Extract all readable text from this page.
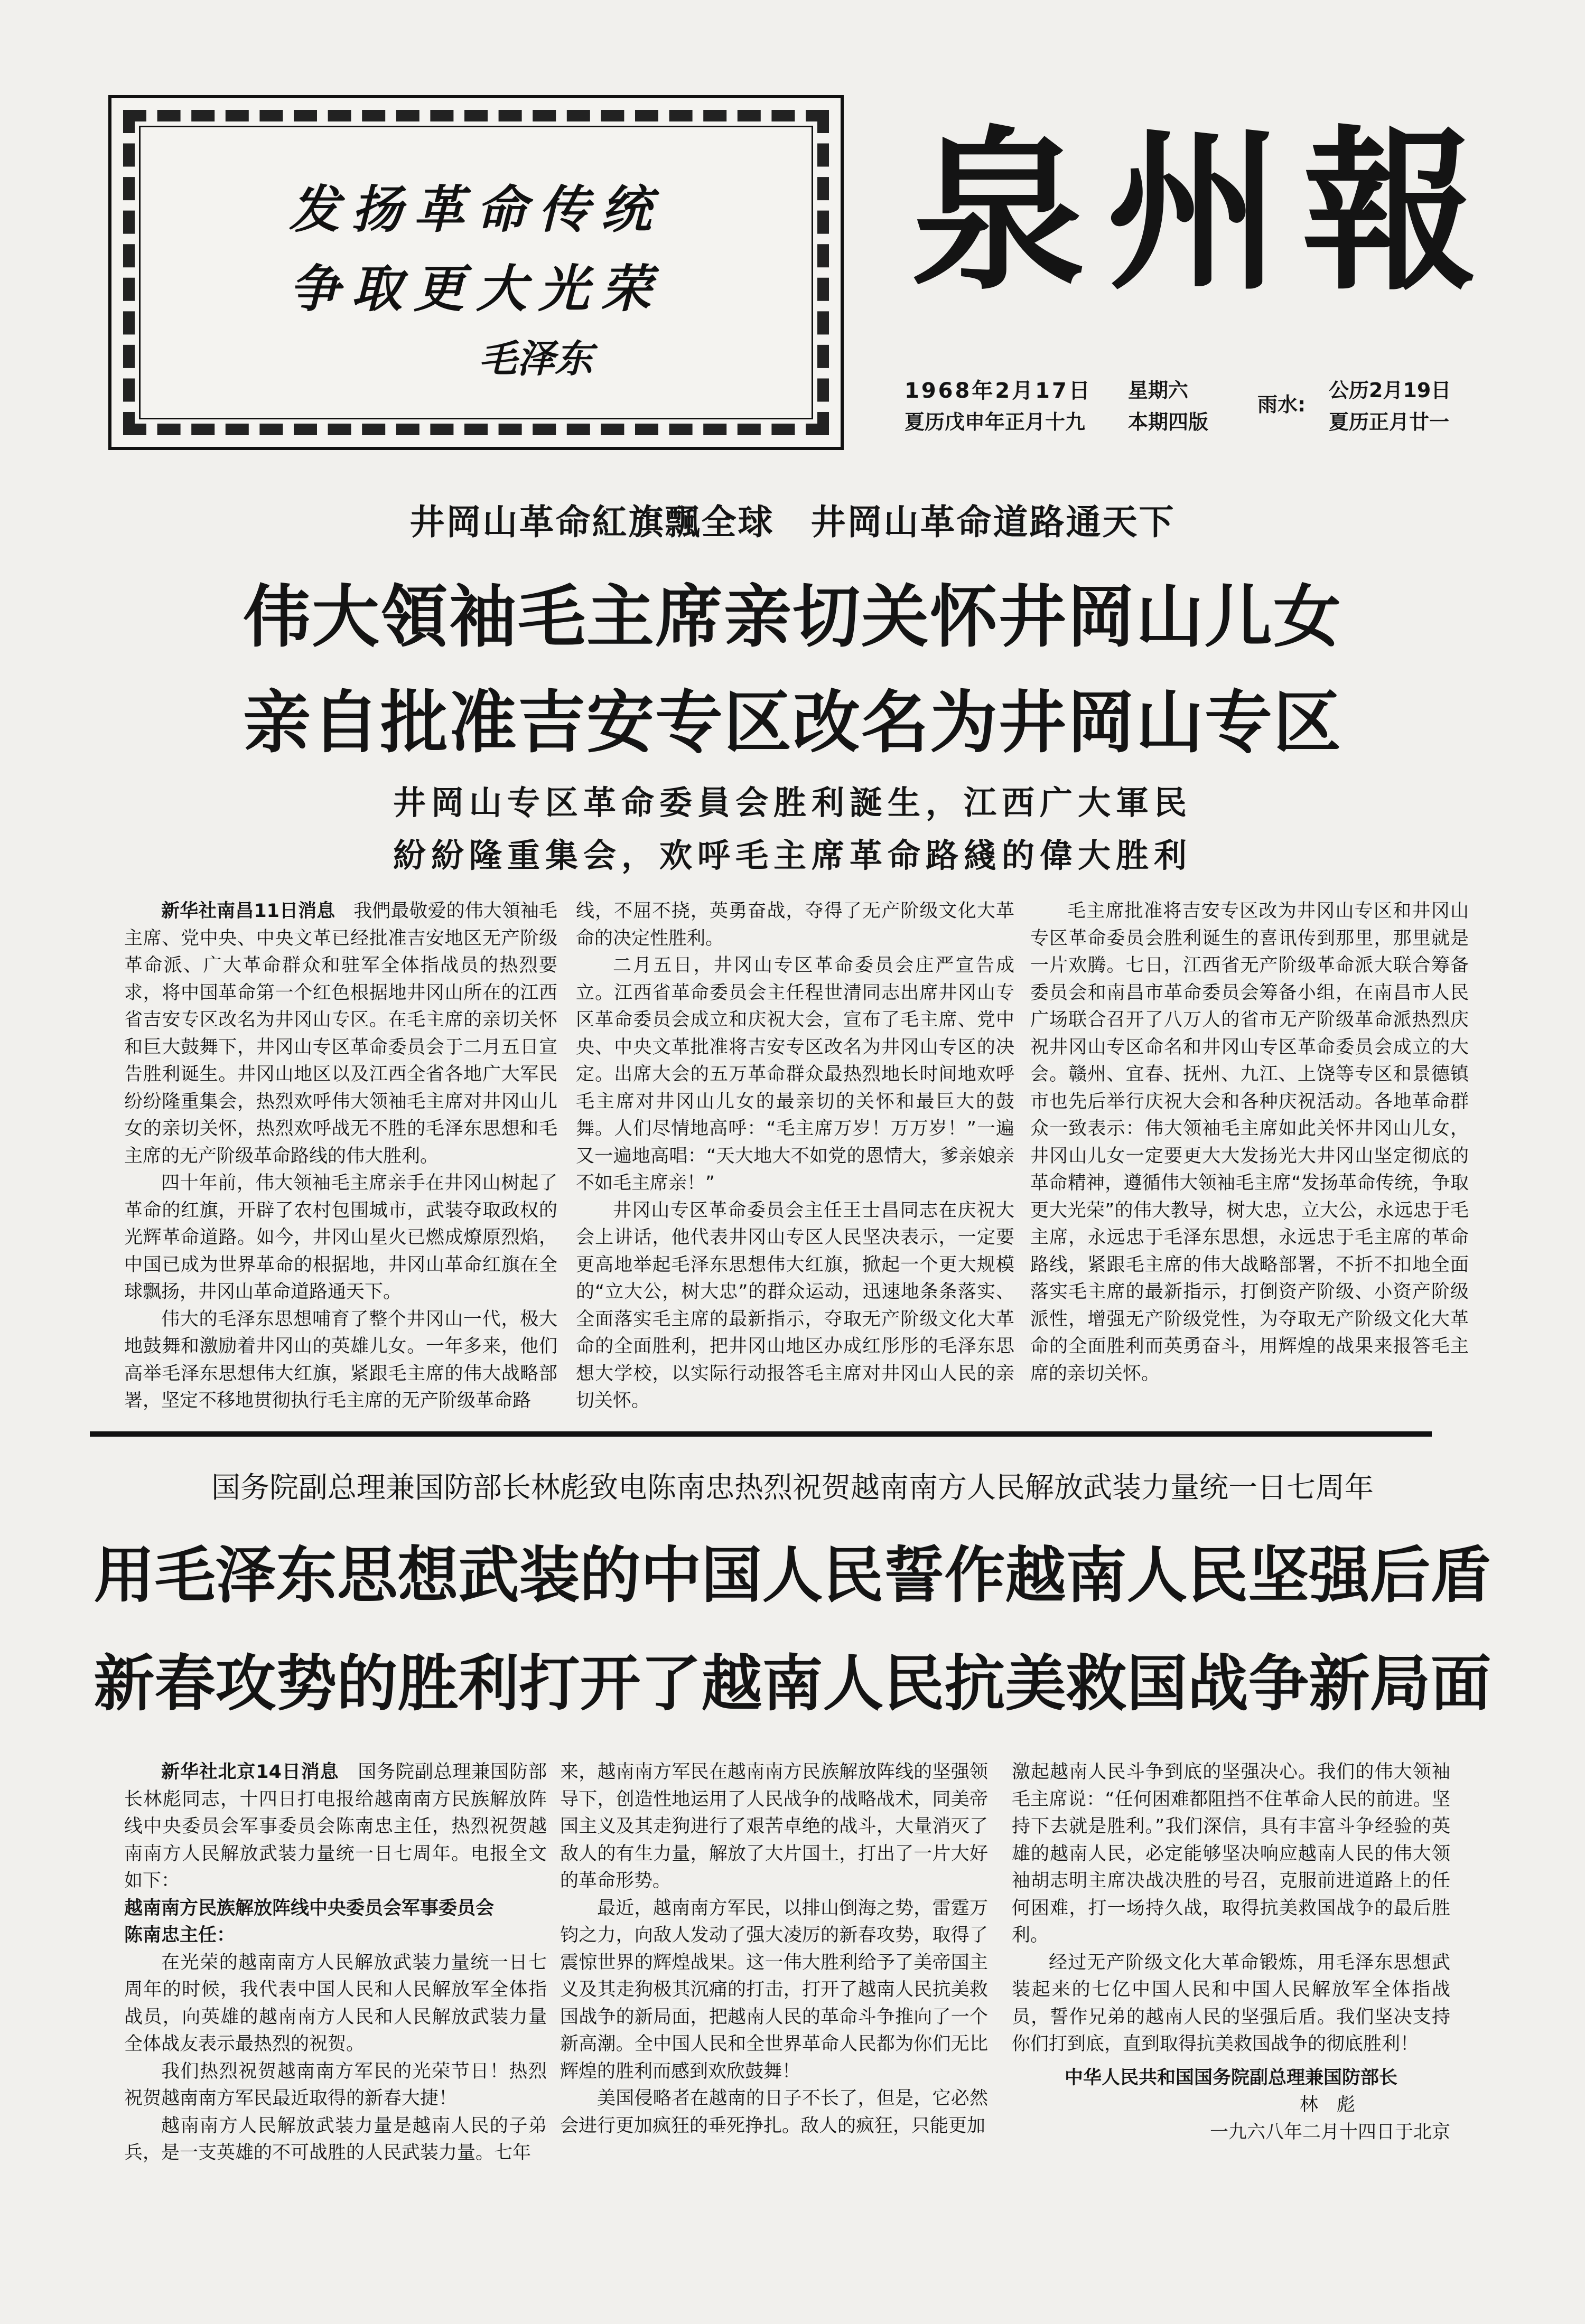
发扬革命传统
争取更大光荣
毛泽东
泉州報
1968年2月17日 星期六
夏历戊申年正月十九 本期四版
雨水:
公历2月19日
夏历正月廿一
井岡山革命紅旗飄全球　井岡山革命道路通天下
伟大領袖毛主席亲切关怀井岡山儿女
亲自批准吉安专区改名为井岡山专区
井岡山专区革命委員会胜利誕生，江西广大軍民
紛紛隆重集会，欢呼毛主席革命路綫的偉大胜利

新华社南昌11日消息　 我們最敬爱的伟大領袖毛主席、党中央、中央文革已经批准吉安地区无产阶级革命派、广大革命群众和驻军全体指战员的热烈要求，将中国革命第一个红色根据地井冈山所在的江西省吉安专区改名为井冈山专区。在毛主席的亲切关怀和巨大鼓舞下，井冈山专区革命委员会于二月五日宣告胜利诞生。井冈山地区以及江西全省各地广大军民纷纷隆重集会，热烈欢呼伟大领袖毛主席对井冈山儿女的亲切关怀，热烈欢呼战无不胜的毛泽东思想和毛主席的无产阶级革命路线的伟大胜利。

四十年前，伟大领袖毛主席亲手在井冈山树起了革命的红旗，开辟了农村包围城市，武装夺取政权的光辉革命道路。如今，井冈山星火已燃成燎原烈焰，中国已成为世界革命的根据地，井冈山革命红旗在全球飘扬，井冈山革命道路通天下。

伟大的毛泽东思想哺育了整个井冈山一代，极大地鼓舞和激励着井冈山的英雄儿女。一年多来，他们高举毛泽东思想伟大红旗，紧跟毛主席的伟大战略部署，坚定不移地贯彻执行毛主席的无产阶级革命路

线，不屈不挠，英勇奋战，夺得了无产阶级文化大革命的决定性胜利。

二月五日，井冈山专区革命委员会庄严宣告成立。江西省革命委员会主任程世清同志出席井冈山专区革命委员会成立和庆祝大会，宣布了毛主席、党中央、中央文革批准将吉安专区改名为井冈山专区的决定。出席大会的五万革命群众最热烈地长时间地欢呼毛主席对井冈山儿女的最亲切的关怀和最巨大的鼓舞。人们尽情地高呼：“毛主席万岁！万万岁！”一遍又一遍地高唱：“天大地大不如党的恩情大，爹亲娘亲不如毛主席亲！”

井冈山专区革命委员会主任王士昌同志在庆祝大会上讲话，他代表井冈山专区人民坚决表示，一定要更高地举起毛泽东思想伟大红旗，掀起一个更大规模的“立大公，树大忠”的群众运动，迅速地条条落实、全面落实毛主席的最新指示，夺取无产阶级文化大革命的全面胜利，把井冈山地区办成红彤彤的毛泽东思想大学校，以实际行动报答毛主席对井冈山人民的亲切关怀。

毛主席批准将吉安专区改为井冈山专区和井冈山专区革命委员会胜利诞生的喜讯传到那里，那里就是一片欢腾。七日，江西省无产阶级革命派大联合筹备委员会和南昌市革命委员会筹备小组，在南昌市人民广场联合召开了八万人的省市无产阶级革命派热烈庆祝井冈山专区命名和井冈山专区革命委员会成立的大会。赣州、宜春、抚州、九江、上饶等专区和景德镇市也先后举行庆祝大会和各种庆祝活动。各地革命群众一致表示：伟大领袖毛主席如此关怀井冈山儿女，井冈山儿女一定要更大大发扬光大井冈山坚定彻底的革命精神，遵循伟大领袖毛主席“发扬革命传统，争取更大光荣”的伟大教导，树大忠，立大公，永远忠于毛主席，永远忠于毛泽东思想，永远忠于毛主席的革命路线，紧跟毛主席的伟大战略部署，不折不扣地全面落实毛主席的最新指示，打倒资产阶级、小资产阶级派性，增强无产阶级党性，为夺取无产阶级文化大革命的全面胜利而英勇奋斗，用辉煌的战果来报答毛主席的亲切关怀。

国务院副总理兼国防部长林彪致电陈南忠热烈祝贺越南南方人民解放武装力量统一日七周年
用毛泽东思想武装的中国人民誓作越南人民坚强后盾
新春攻势的胜利打开了越南人民抗美救国战争新局面

新华社北京14日消息　 国务院副总理兼国防部长林彪同志，十四日打电报给越南南方民族解放阵线中央委员会军事委员会陈南忠主任，热烈祝贺越南南方人民解放武装力量统一日七周年。电报全文如下：

越南南方民族解放阵线中央委员会军事委员会

陈南忠主任：

在光荣的越南南方人民解放武装力量统一日七周年的时候，我代表中国人民和人民解放军全体指战员，向英雄的越南南方人民和人民解放武装力量全体战友表示最热烈的祝贺。

我们热烈祝贺越南南方军民的光荣节日！热烈祝贺越南南方军民最近取得的新春大捷！

越南南方人民解放武装力量是越南人民的子弟兵，是一支英雄的不可战胜的人民武装力量。七年

来，越南南方军民在越南南方民族解放阵线的坚强领导下，创造性地运用了人民战争的战略战术，同美帝国主义及其走狗进行了艰苦卓绝的战斗，大量消灭了敌人的有生力量，解放了大片国土，打出了一片大好的革命形势。

最近，越南南方军民，以排山倒海之势，雷霆万钧之力，向敌人发动了强大凌厉的新春攻势，取得了震惊世界的辉煌战果。这一伟大胜利给予了美帝国主义及其走狗极其沉痛的打击，打开了越南人民抗美救国战争的新局面，把越南人民的革命斗争推向了一个新高潮。全中国人民和全世界革命人民都为你们无比辉煌的胜利而感到欢欣鼓舞！

美国侵略者在越南的日子不长了，但是，它必然会进行更加疯狂的垂死挣扎。敌人的疯狂，只能更加

激起越南人民斗争到底的坚强决心。我们的伟大领袖毛主席说：“任何困难都阻挡不住革命人民的前进。坚持下去就是胜利。”我们深信，具有丰富斗争经验的英雄的越南人民，必定能够坚决响应越南人民的伟大领袖胡志明主席决战决胜的号召，克服前进道路上的任何困难，打一场持久战，取得抗美救国战争的最后胜利。

经过无产阶级文化大革命锻炼，用毛泽东思想武装起来的七亿中国人民和中国人民解放军全体指战员，誓作兄弟的越南人民的坚强后盾。我们坚决支持你们打到底，直到取得抗美救国战争的彻底胜利！

中华人民共和国国务院副总理兼国防部长

林　彪

一九六八年二月十四日于北京
